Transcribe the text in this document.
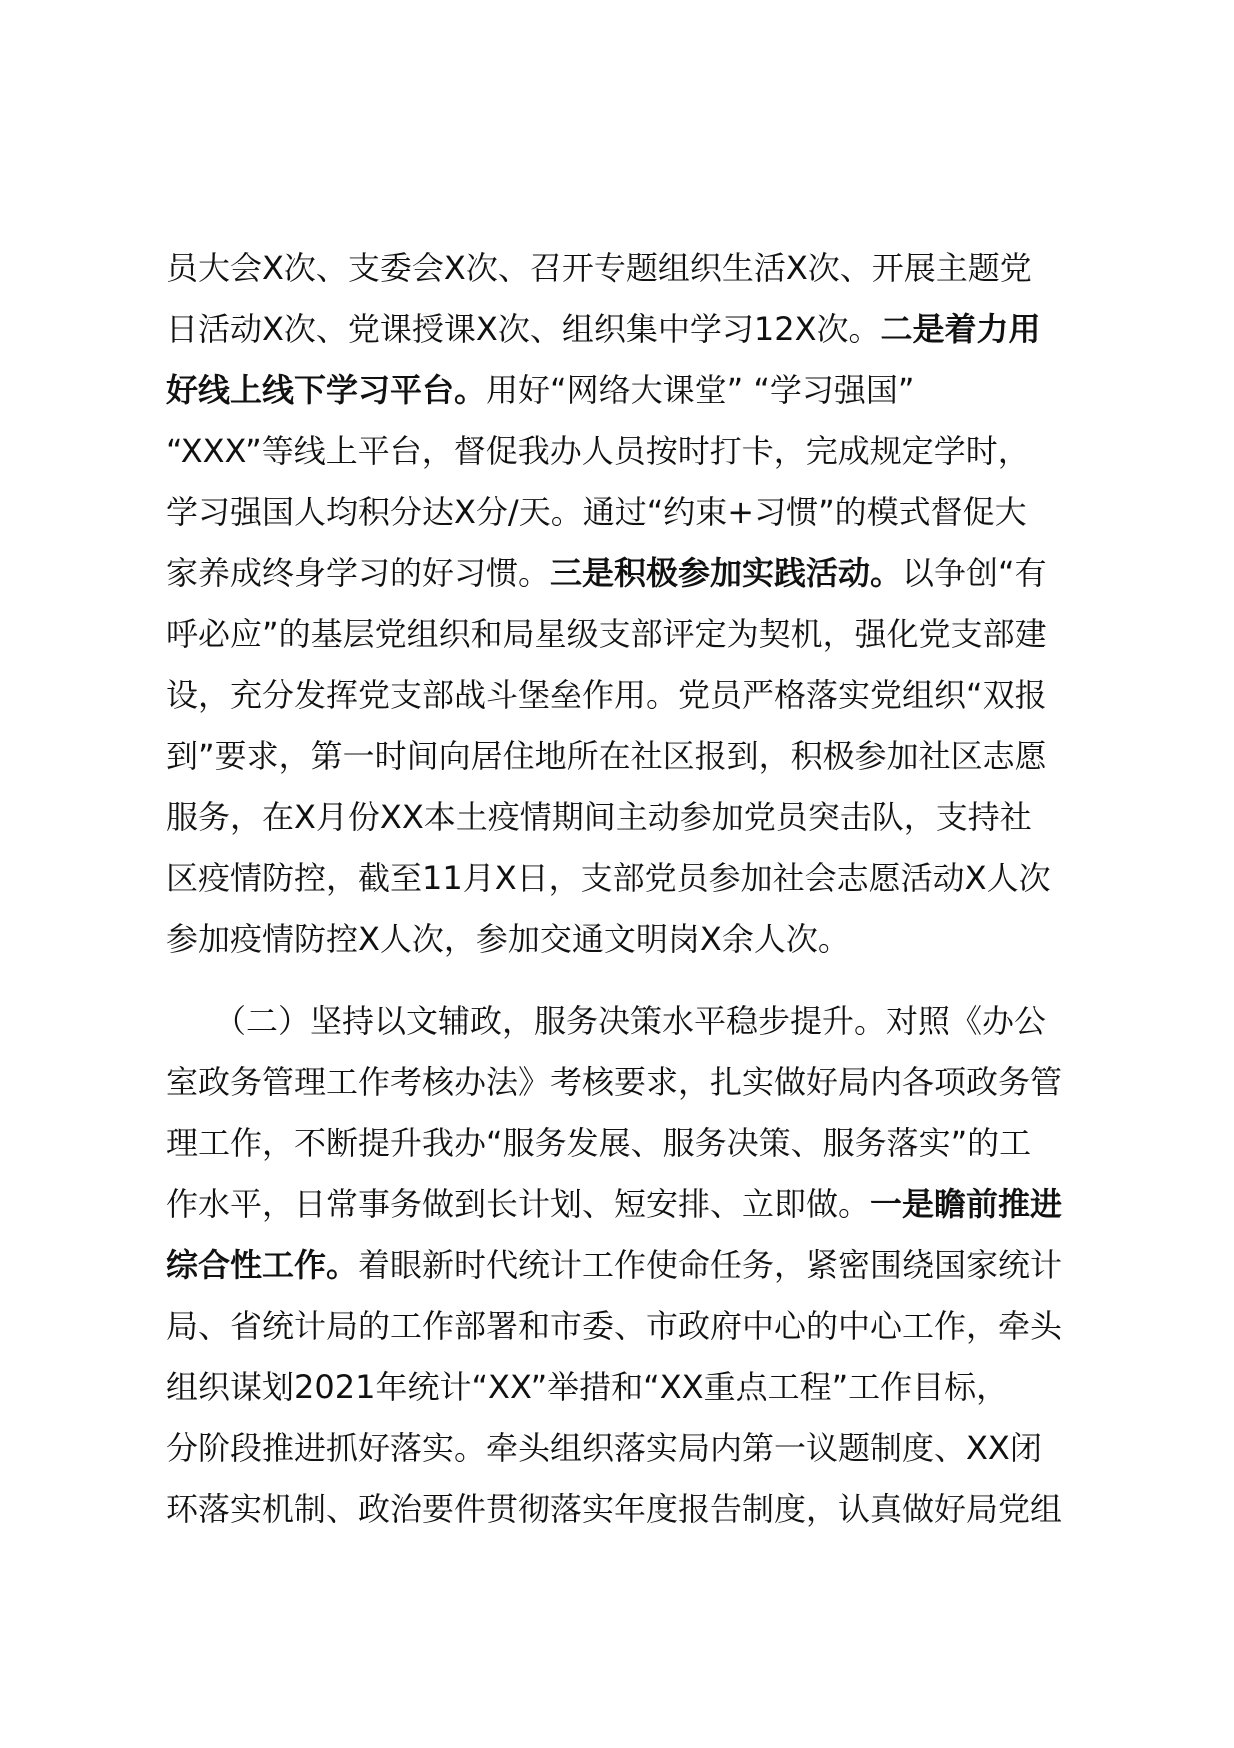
员大会X次、支委会X次、召开专题组织生活X次、开展主题党
日活动X次、党课授课X次、组织集中学习12X次。二是着力用
好线上线下学习平台。用好“网络大课堂” “学习强国”
“XXX”等线上平台，督促我办人员按时打卡，完成规定学时，
学习强国人均积分达X分/天。通过“约束+习惯”的模式督促大
家养成终身学习的好习惯。三是积极参加实践活动。以争创“有
呼必应”的基层党组织和局星级支部评定为契机，强化党支部建
设，充分发挥党支部战斗堡垒作用。党员严格落实党组织“双报
到”要求，第一时间向居住地所在社区报到，积极参加社区志愿
服务，在X月份XX本土疫情期间主动参加党员突击队，支持社
区疫情防控，截至11月X日，支部党员参加社会志愿活动X人次
参加疫情防控X人次，参加交通文明岗X余人次。
　　（二）坚持以文辅政，服务决策水平稳步提升。对照《办公
室政务管理工作考核办法》考核要求，扎实做好局内各项政务管
理工作，不断提升我办“服务发展、服务决策、服务落实”的工
作水平，日常事务做到长计划、短安排、立即做。一是瞻前推进
综合性工作。着眼新时代统计工作使命任务，紧密围绕国家统计
局、省统计局的工作部署和市委、市政府中心的中心工作，牵头
组织谋划2021年统计“XX”举措和“XX重点工程”工作目标，
分阶段推进抓好落实。牵头组织落实局内第一议题制度、XX闭
环落实机制、政治要件贯彻落实年度报告制度，认真做好局党组
